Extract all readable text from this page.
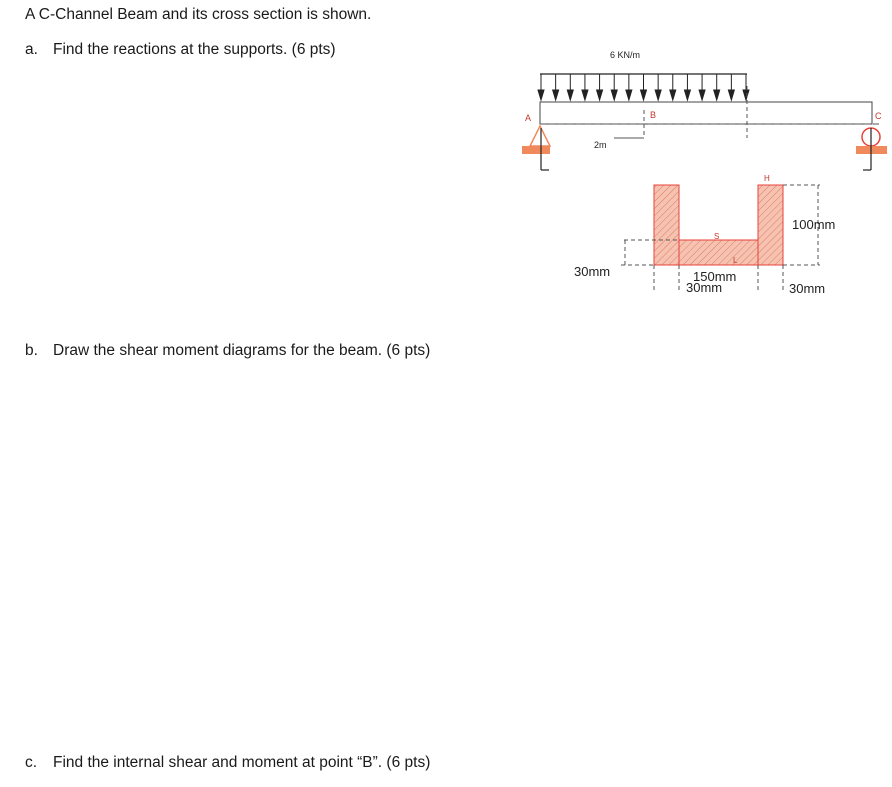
A C-Channel Beam and its cross section is shown.
a. Find the reactions at the supports. (6 pts)
b. Draw the shear moment diagrams for the beam. (6 pts)
c. Find the internal shear and moment at point “B”. (6 pts)
6 KN/m
A	B	C
2m
S
L
H
100mm
30mm	150mm
30mm	30mm
